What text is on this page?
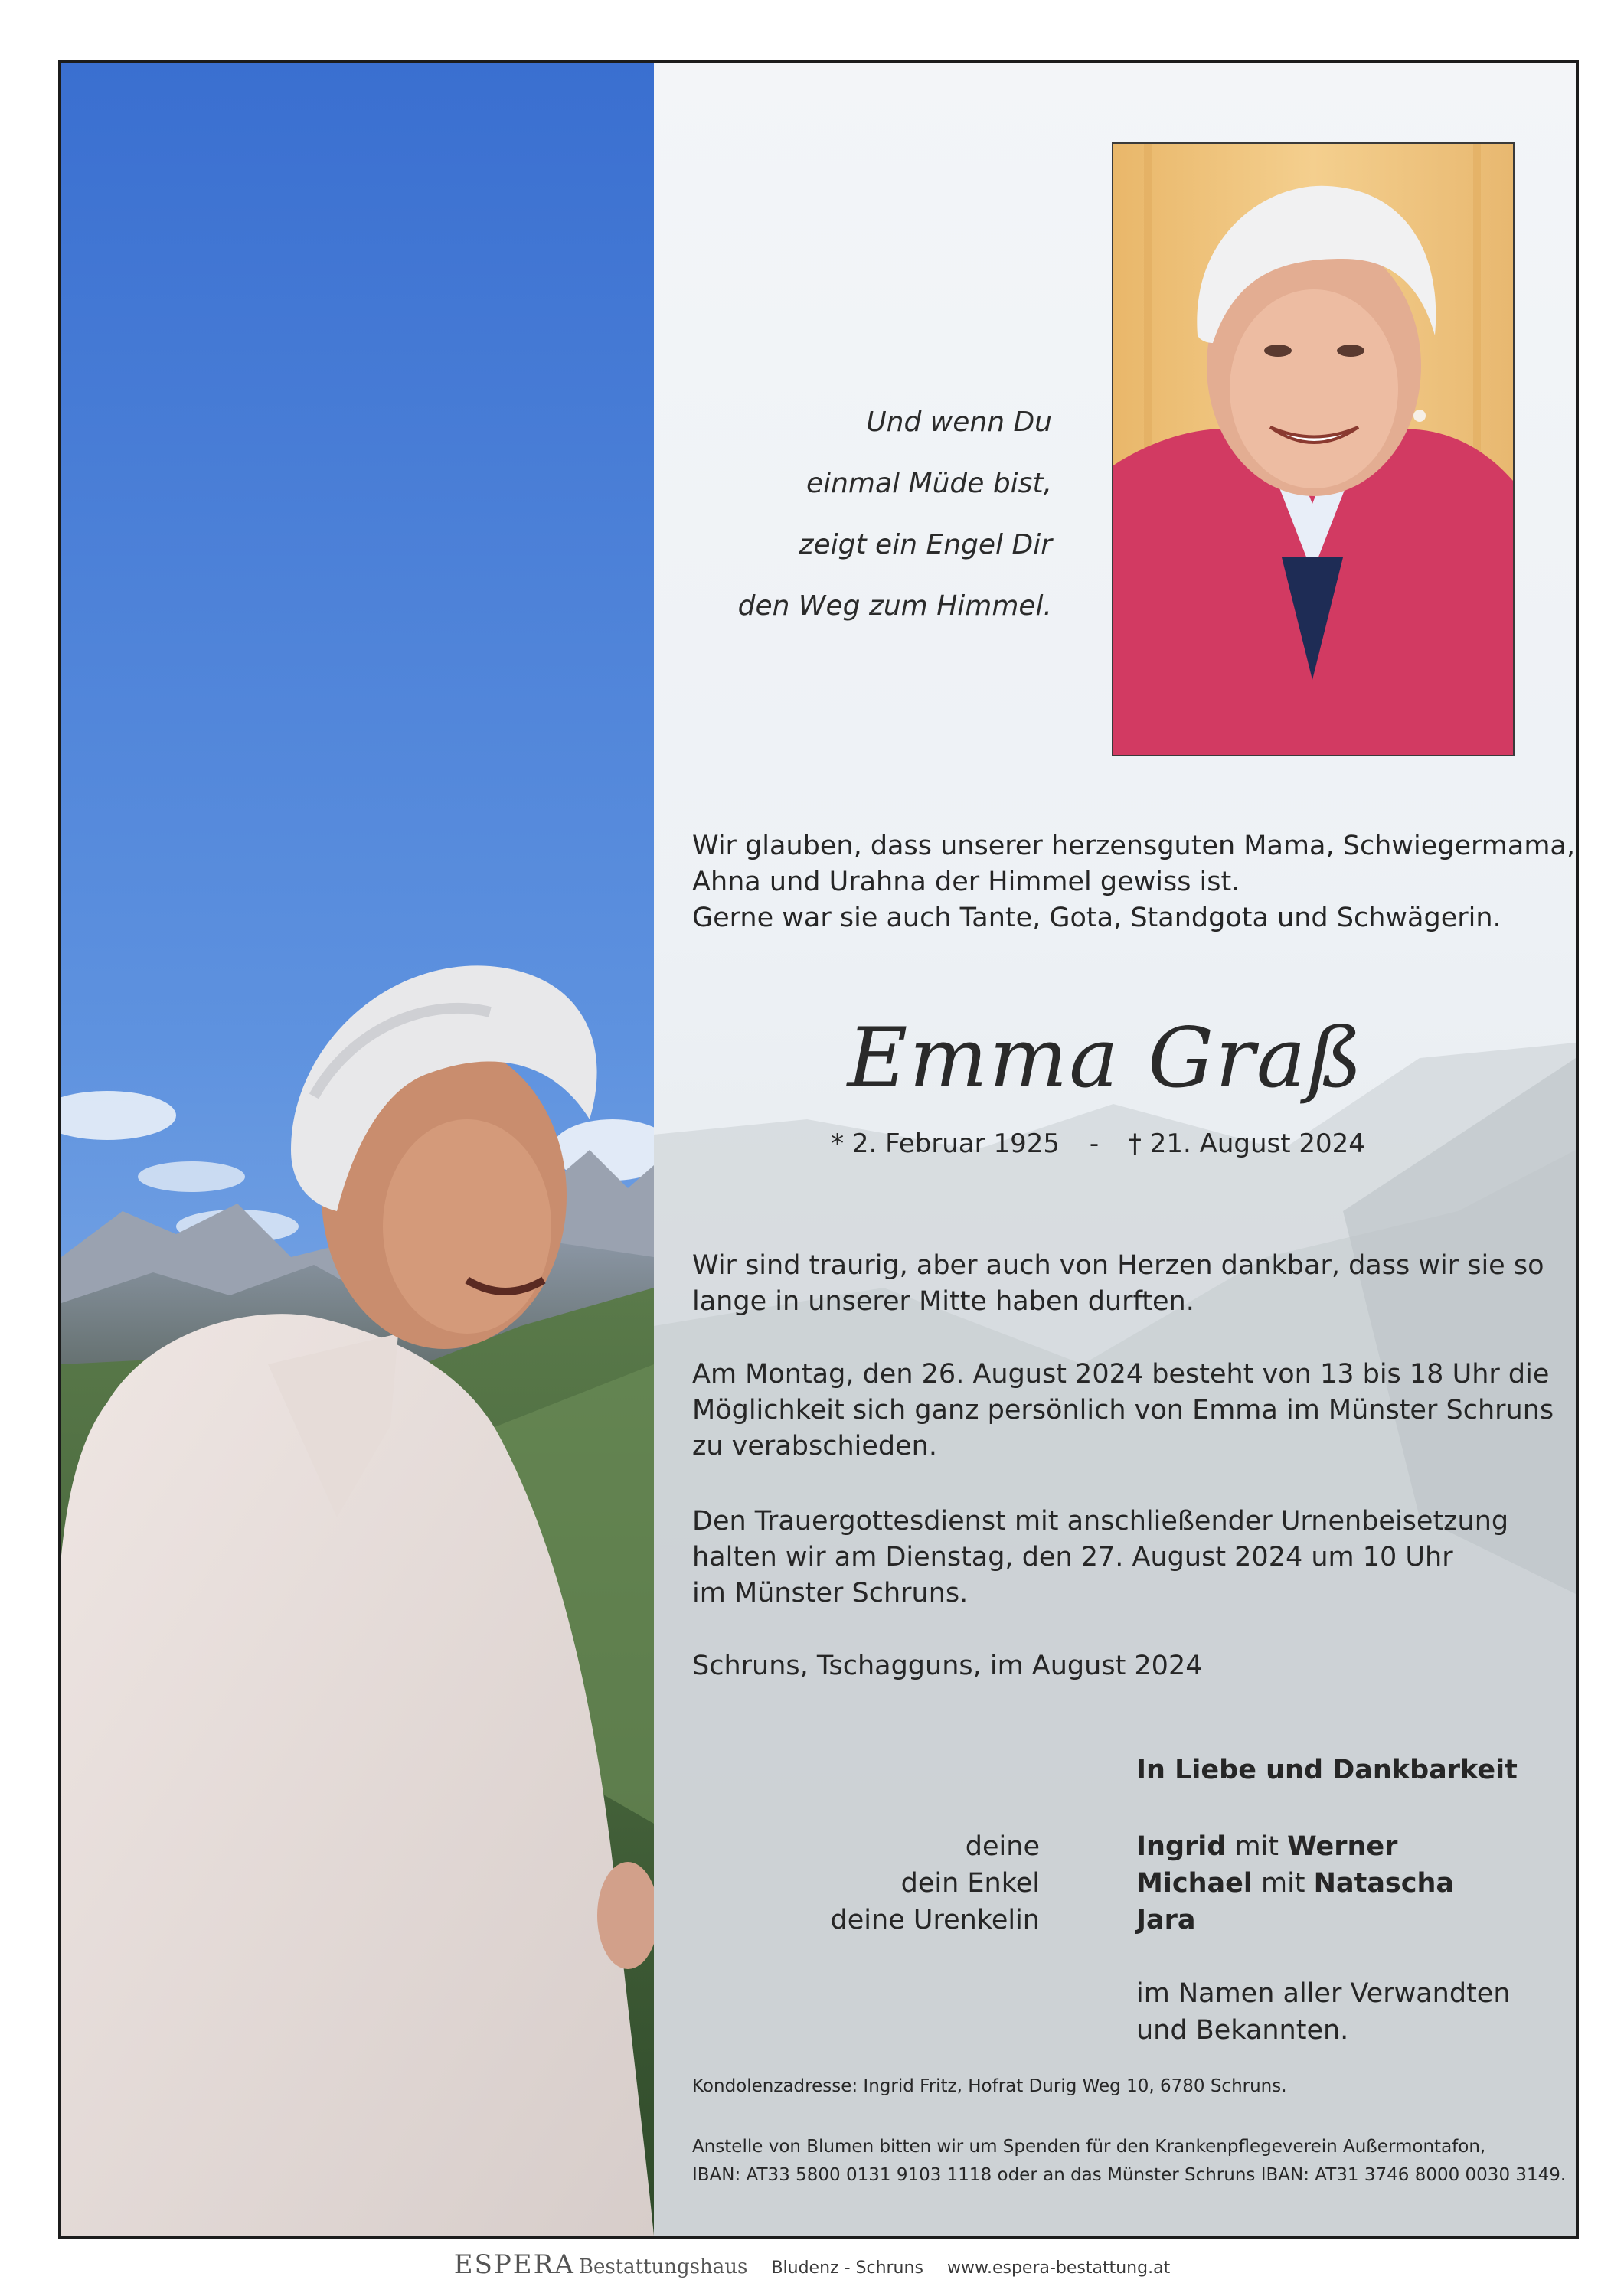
Und wenn Du
einmal Müde bist,
zeigt ein Engel Dir
den Weg zum Himmel.
Wir glauben, dass unserer herzensguten Mama, Schwiegermama,
Ahna und Urahna der Himmel gewiss ist.
Gerne war sie auch Tante, Gota, Standgota und Schwägerin.
Emma Graß
* 2. Februar 1925 - † 21. August 2024
Wir sind traurig, aber auch von Herzen dankbar, dass wir sie so
lange in unserer Mitte haben durften.
Am Montag, den 26. August 2024 besteht von 13 bis 18 Uhr die
Möglichkeit sich ganz persönlich von Emma im Münster Schruns
zu verabschieden.
Den Trauergottesdienst mit anschließender Urnenbeisetzung
halten wir am Dienstag, den 27. August 2024 um 10 Uhr
im Münster Schruns.
Schruns, Tschagguns, im August 2024
In Liebe und Dankbarkeit
deine	Ingrid mit Werner
dein Enkel	Michael mit Natascha
deine Urenkelin	Jara
im Namen aller Verwandten
und Bekannten.
Kondolenzadresse: Ingrid Fritz, Hofrat Durig Weg 10, 6780 Schruns.
Anstelle von Blumen bitten wir um Spenden für den Krankenpflegeverein Außermontafon,
IBAN: AT33 5800 0131 9103 1118 oder an das Münster Schruns IBAN: AT31 3746 8000 0030 3149.
ESPERA Bestattungshaus Bludenz - Schruns www.espera-bestattung.at
